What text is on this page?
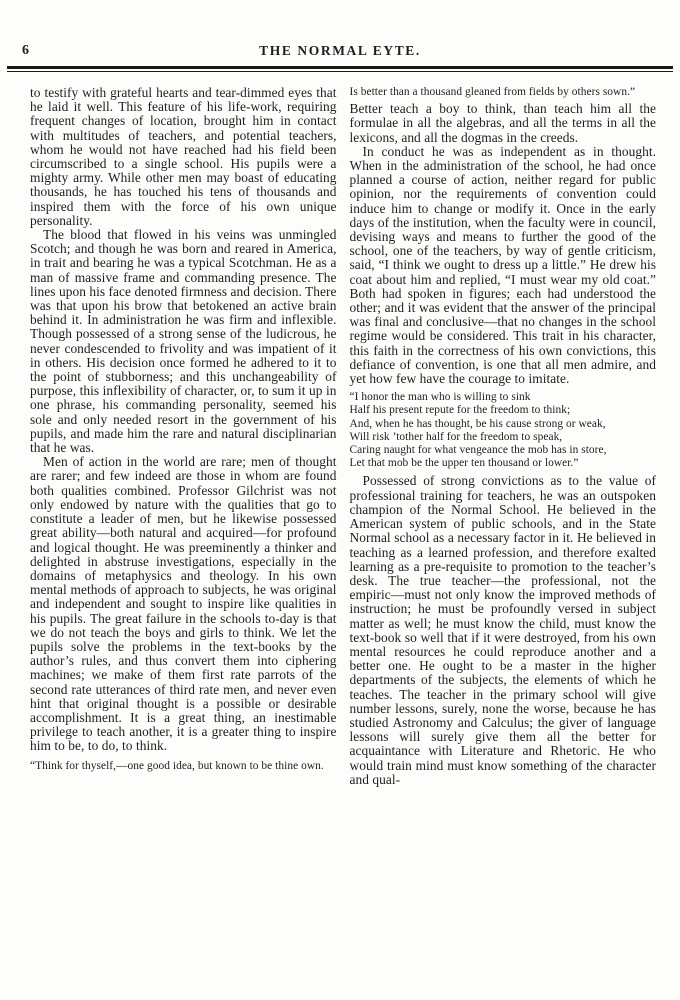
6	THE NORMAL EYTE.

to testify with grateful hearts and tear-dimmed eyes that he laid it well. This feature of his life-work, requiring frequent changes of location, brought him in contact with multitudes of teachers, and potential teachers, whom he would not have reached had his field been circumscribed to a single school. His pupils were a mighty army. While other men may boast of educating thousands, he has touched his tens of thousands and inspired them with the force of his own unique personality.

The blood that flowed in his veins was unmingled Scotch; and though he was born and reared in America, in trait and bearing he was a typical Scotchman. He as a man of massive frame and commanding presence. The lines upon his face denoted firmness and decision. There was that upon his brow that betokened an active brain behind it. In administration he was firm and inflexible. Though possessed of a strong sense of the ludicrous, he never condescended to frivolity and was impatient of it in others. His decision once formed he adhered to it to the point of stubborness; and this unchangeability of purpose, this inflexibility of character, or, to sum it up in one phrase, his commanding personality, seemed his sole and only needed resort in the government of his pupils, and made him the rare and natural disciplinarian that he was.

Men of action in the world are rare; men of thought are rarer; and few indeed are those in whom are found both qualities combined. Professor Gilchrist was not only endowed by nature with the qualities that go to constitute a leader of men, but he likewise possessed great ability—both natural and acquired—for profound and logical thought. He was preeminently a thinker and delighted in abstruse investigations, especially in the domains of metaphysics and theology. In his own mental methods of approach to subjects, he was original and independent and sought to inspire like qualities in his pupils. The great failure in the schools to-day is that we do not teach the boys and girls to think. We let the pupils solve the problems in the text-books by the author’s rules, and thus convert them into ciphering machines; we make of them first rate parrots of the second rate utterances of third rate men, and never even hint that original thought is a possible or desirable accomplishment. It is a great thing, an inestimable privilege to teach another, it is a greater thing to inspire him to be, to do, to think.

“Think for thyself,—one good idea, but known to be thine own.

Is better than a thousand gleaned from fields by others sown.”

Better teach a boy to think, than teach him all the formulae in all the algebras, and all the terms in all the lexicons, and all the dogmas in the creeds.

In conduct he was as independent as in thought. When in the administration of the school, he had once planned a course of action, neither regard for public opinion, nor the requirements of convention could induce him to change or modify it. Once in the early days of the institution, when the faculty were in council, devising ways and means to further the good of the school, one of the teachers, by way of gentle criticism, said, “I think we ought to dress up a little.” He drew his coat about him and replied, “I must wear my old coat.” Both had spoken in figures; each had understood the other; and it was evident that the answer of the principal was final and conclusive—that no changes in the school regime would be considered. This trait in his character, this faith in the correctness of his own convictions, this defiance of convention, is one that all men admire, and yet how few have the courage to imitate.

“I honor the man who is willing to sink

Half his present repute for the freedom to think;

And, when he has thought, be his cause strong or weak,

Will risk ’tother half for the freedom to speak,

Caring naught for what vengeance the mob has in store,

Let that mob be the upper ten thousand or lower.”

Possessed of strong convictions as to the value of professional training for teachers, he was an outspoken champion of the Normal School. He believed in the American system of public schools, and in the State Normal school as a necessary factor in it. He believed in teaching as a learned profession, and therefore exalted learning as a pre-requisite to promotion to the teacher’s desk. The true teacher—the professional, not the empiric—must not only know the improved methods of instruction; he must be profoundly versed in subject matter as well; he must know the child, must know the text-book so well that if it were destroyed, from his own mental resources he could reproduce another and a better one. He ought to be a master in the higher departments of the subjects, the elements of which he teaches. The teacher in the primary school will give number lessons, surely, none the worse, because he has studied Astronomy and Calculus; the giver of language lessons will surely give them all the better for acquaintance with Literature and Rhetoric. He who would train mind must know something of the character and qual-
